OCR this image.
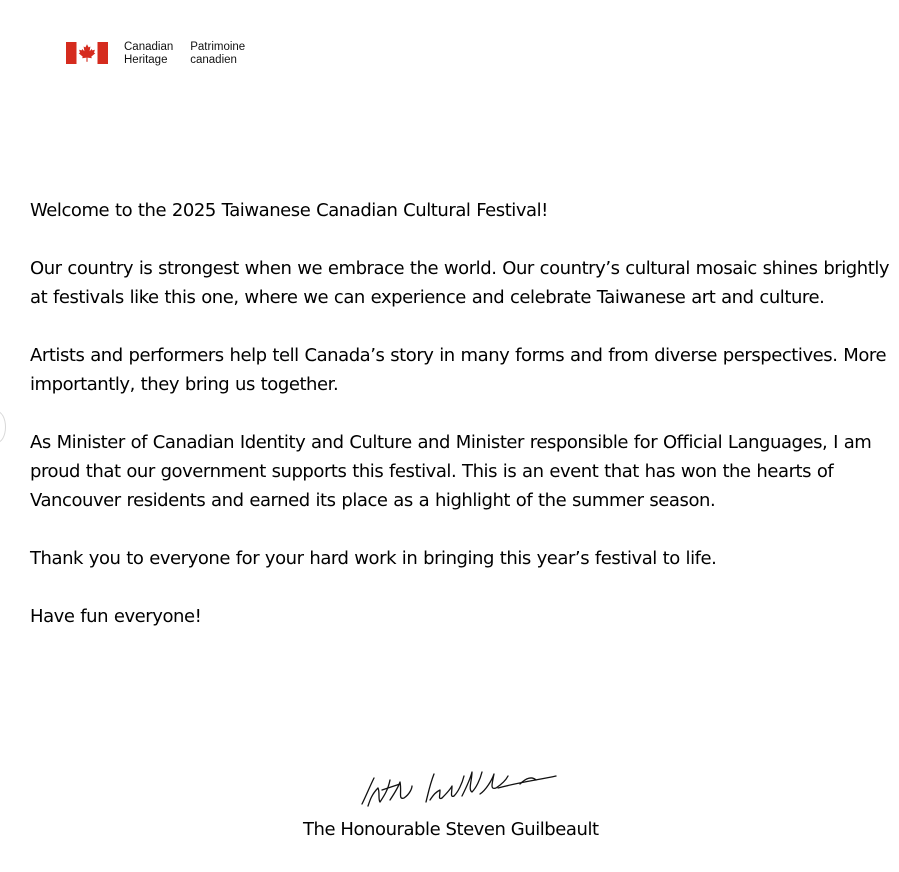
Canadian
Heritage
Patrimoine
canadien

Welcome to the 2025 Taiwanese Canadian Cultural Festival!

Our country is strongest when we embrace the world. Our country’s cultural mosaic shines brightly at festivals like this one, where we can experience and celebrate Taiwanese art and culture.

Artists and performers help tell Canada’s story in many forms and from diverse perspectives. More importantly, they bring us together.

As Minister of Canadian Identity and Culture and Minister responsible for Official Languages, I am proud that our government supports this festival. This is an event that has won the hearts of Vancouver residents and earned its place as a highlight of the summer season.

Thank you to everyone for your hard work in bringing this year’s festival to life.

Have fun everyone!

The Honourable Steven Guilbeault
